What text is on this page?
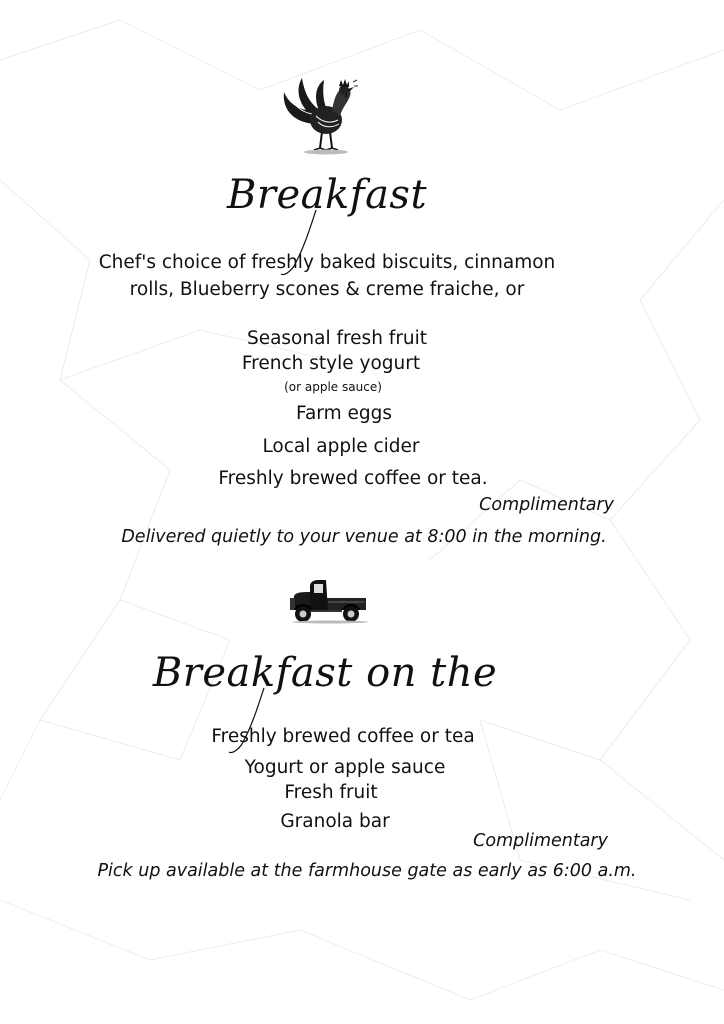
Breakfast
Chef's choice of freshly baked biscuits, cinnamon
rolls, Blueberry scones & creme fraiche, or
Seasonal fresh fruit
French style yogurt
(or apple sauce)
Farm eggs
Local apple cider
Freshly brewed coffee or tea.
Complimentary
Delivered quietly to your venue at 8:00 in the morning.
Breakfast on the
Freshly brewed coffee or tea
Yogurt or apple sauce
Fresh fruit
Granola bar
Complimentary
Pick up available at the farmhouse gate as early as 6:00 a.m.
